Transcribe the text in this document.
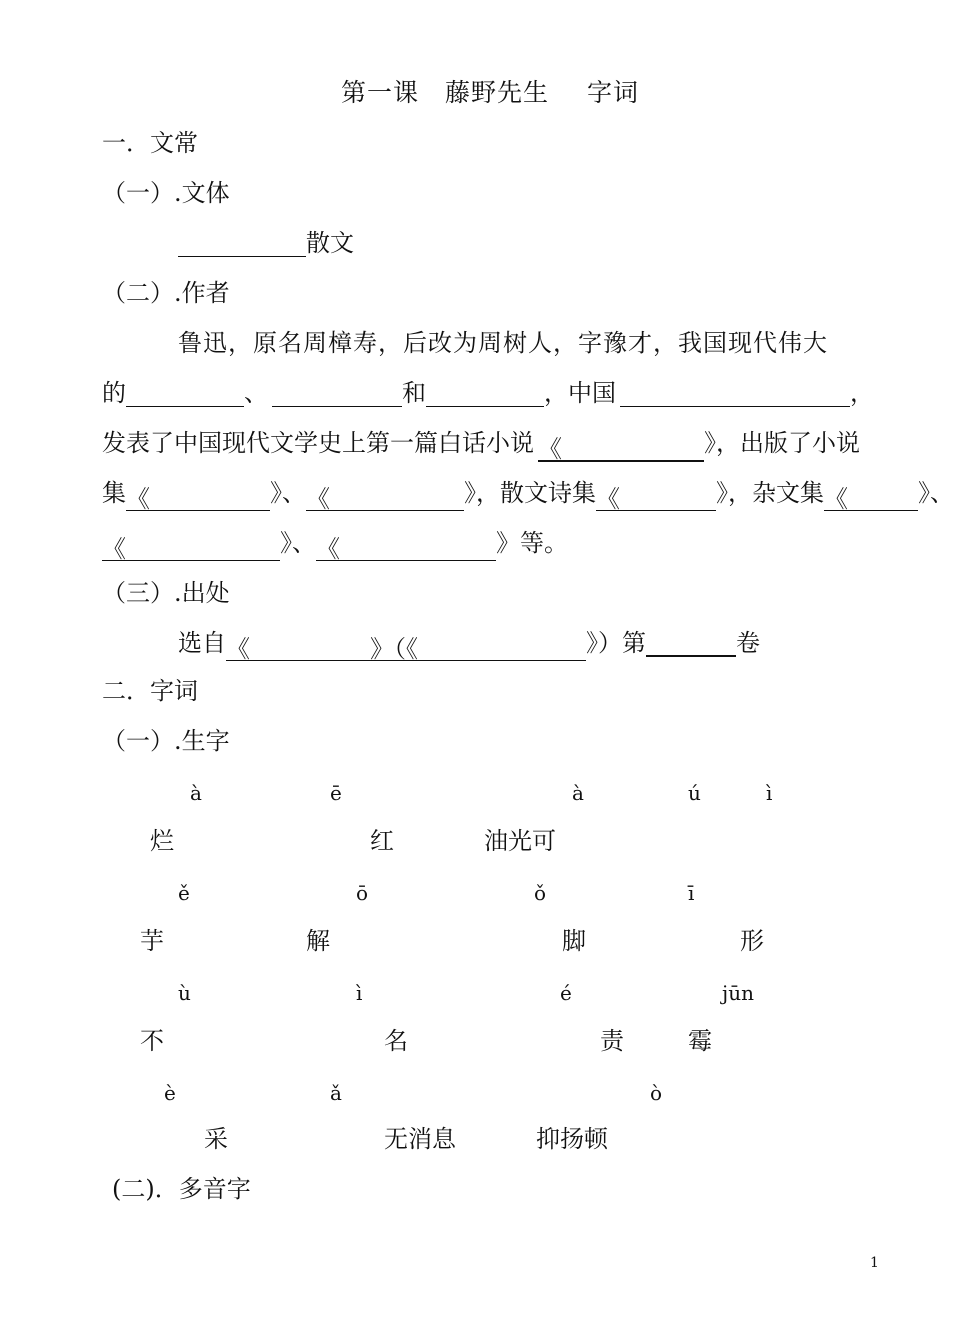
第一课 藤野先生 字词
一．文常
（一）.文体
散文
（二）.作者
鲁迅，原名周樟寿，后改为周树人，字豫才，我国现代伟大
的	、	和	，中国	，
发表了中国现代文学史上第一篇白话小说 《	》，出版了小说
集《	》、《	》，散文诗集《	》，杂文集《	》、
《	》、《	》等。
（三）.出处
选自《	》（《	》）第	卷
二．字词
（一）.生字
à	ē	à	ú	ì
烂	红	油光可
ě	ō	ǒ	ī
芋	解	脚	形
ù	ì	é	jūn
不	名	责	霉
è	ǎ	ò
采	无消息	抑扬顿
(二)．多音字
1
